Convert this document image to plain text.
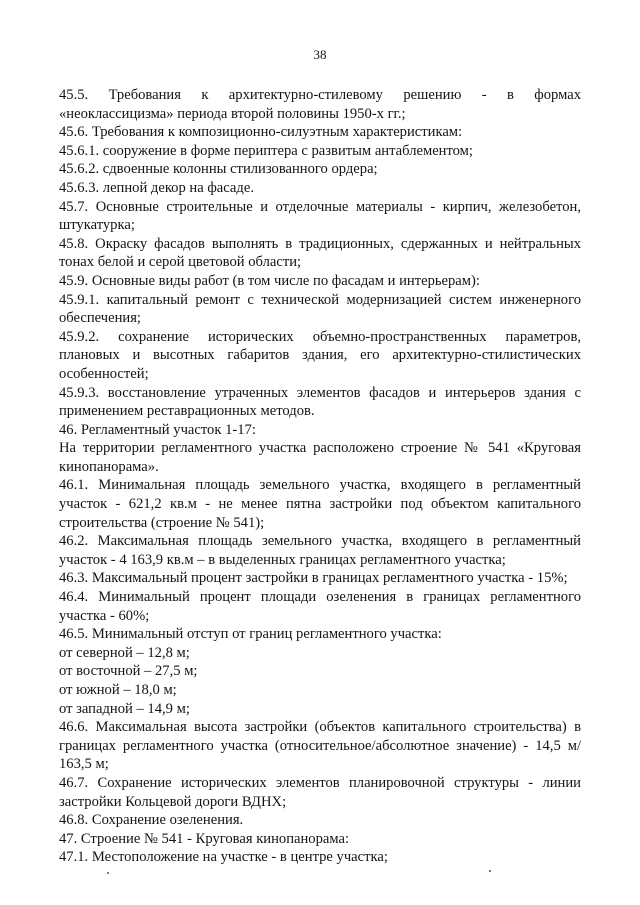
38

45.5. Требования к архитектурно-стилевому решению - в формах «неоклассицизма» периода второй половины 1950-х гг.;

45.6. Требования к композиционно-силуэтным характеристикам:

45.6.1. сооружение в форме периптера с развитым антаблементом;

45.6.2. сдвоенные колонны стилизованного ордера;

45.6.3. лепной декор на фасаде.

45.7. Основные строительные и отделочные материалы - кирпич, железобетон, штукатурка;

45.8. Окраску фасадов выполнять в традиционных, сдержанных и нейтральных тонах белой и серой цветовой области;

45.9. Основные виды работ (в том числе по фасадам и интерьерам):

45.9.1. капитальный ремонт с технической модернизацией систем инженерного обеспечения;

45.9.2. сохранение исторических объемно-пространственных параметров, плановых и высотных габаритов здания, его архитектурно-стилистических особенностей;

45.9.3. восстановление утраченных элементов фасадов и интерьеров здания с применением реставрационных методов.

46. Регламентный участок 1-17:

На территории регламентного участка расположено строение № 541 «Круговая кинопанорама».

46.1. Минимальная площадь земельного участка, входящего в регламентный участок - 621,2 кв.м - не менее пятна застройки под объектом капитального строительства (строение № 541);

46.2. Максимальная площадь земельного участка, входящего в регламентный участок - 4 163,9 кв.м – в выделенных границах регламентного участка;

46.3. Максимальный процент застройки в границах регламентного участка - 15%;

46.4. Минимальный процент площади озеленения в границах регламентного участка - 60%;

46.5. Минимальный отступ от границ регламентного участка:

от северной – 12,8 м;

от восточной – 27,5 м;

от южной – 18,0 м;

от западной – 14,9 м;

46.6. Максимальная высота застройки (объектов капитального строительства) в границах регламентного участка (относительное/абсолютное значение) - 14,5 м/ 163,5 м;

46.7. Сохранение исторических элементов планировочной структуры - линии застройки Кольцевой дороги ВДНХ;

46.8. Сохранение озеленения.

47. Строение № 541 - Круговая кинопанорама:

47.1. Местоположение на участке - в центре участка;
